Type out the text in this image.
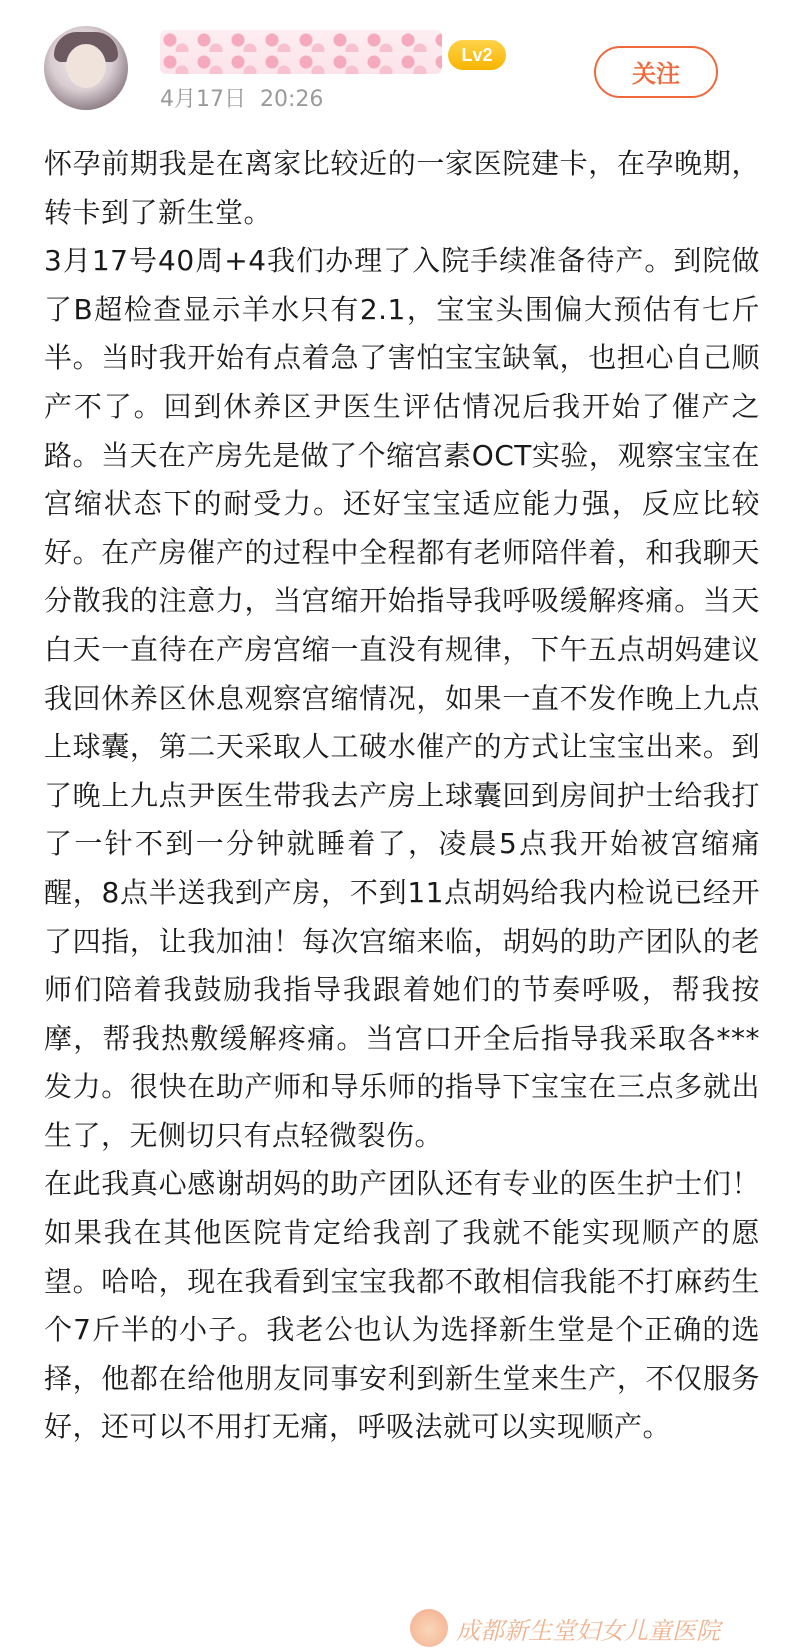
Lv2
4月17日 20:26
关注

怀孕前期我是在离家比较近的一家医院建卡，在孕晚期，转卡到了新生堂。

3月17号40周+4我们办理了入院手续准备待产。到院做了B超检查显示羊水只有2.1，宝宝头围偏大预估有七斤半。当时我开始有点着急了害怕宝宝缺氧，也担心自己顺产不了。回到休养区尹医生评估情况后我开始了催产之路。当天在产房先是做了个缩宫素OCT实验，观察宝宝在宫缩状态下的耐受力。还好宝宝适应能力强，反应比较好。在产房催产的过程中全程都有老师陪伴着，和我聊天分散我的注意力，当宫缩开始指导我呼吸缓解疼痛。当天白天一直待在产房宫缩一直没有规律，下午五点胡妈建议我回休养区休息观察宫缩情况，如果一直不发作晚上九点上球囊，第二天采取人工破水催产的方式让宝宝出来。到了晚上九点尹医生带我去产房上球囊回到房间护士给我打了一针不到一分钟就睡着了，凌晨5点我开始被宫缩痛醒，8点半送我到产房，不到11点胡妈给我内检说已经开了四指，让我加油！每次宫缩来临，胡妈的助产团队的老师们陪着我鼓励我指导我跟着她们的节奏呼吸，帮我按摩，帮我热敷缓解疼痛。当宫口开全后指导我采取各***发力。很快在助产师和导乐师的指导下宝宝在三点多就出生了，无侧切只有点轻微裂伤。

在此我真心感谢胡妈的助产团队还有专业的医生护士们！如果我在其他医院肯定给我剖了我就不能实现顺产的愿望。哈哈，现在我看到宝宝我都不敢相信我能不打麻药生个7斤半的小子。我老公也认为选择新生堂是个正确的选择，他都在给他朋友同事安利到新生堂来生产，不仅服务好，还可以不用打无痛，呼吸法就可以实现顺产。

成都新生堂妇女儿童医院
